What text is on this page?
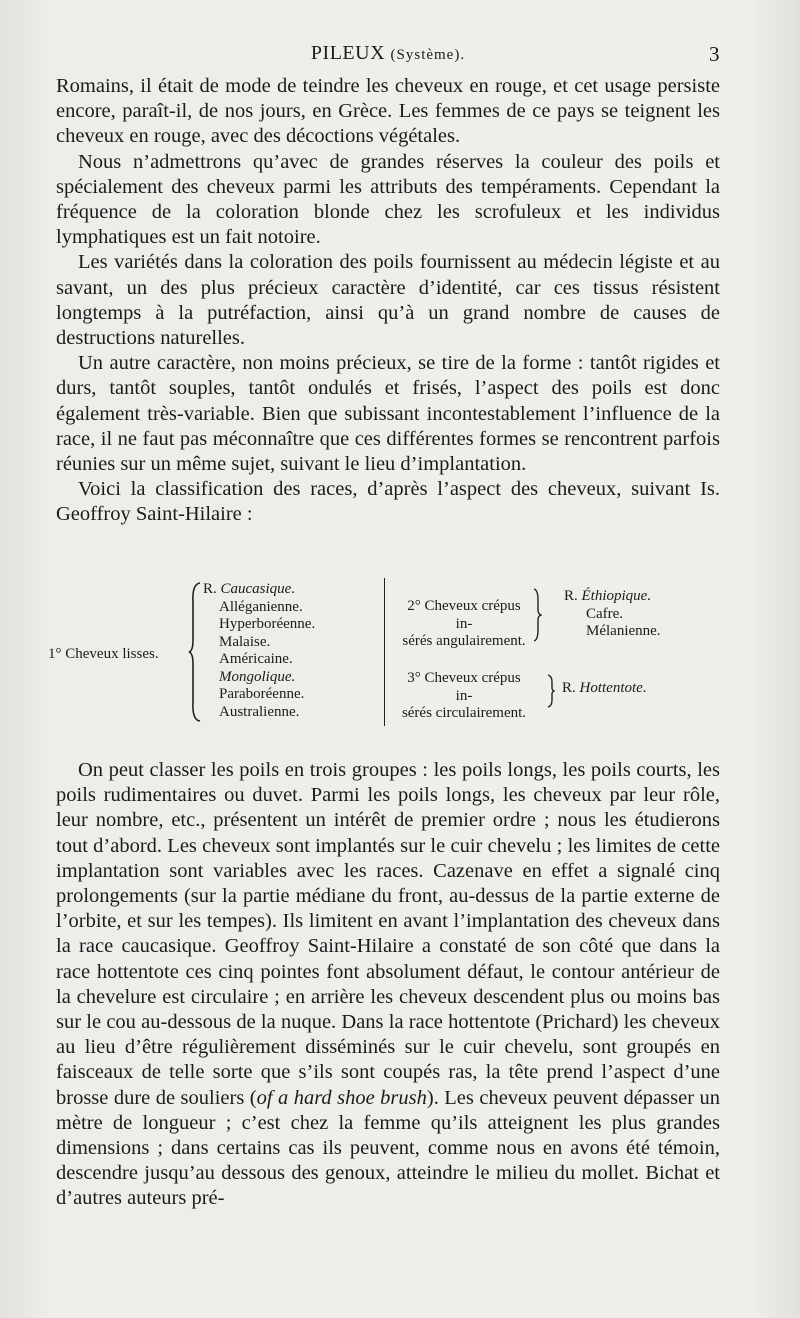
PILEUX (Système).	3

Romains, il était de mode de teindre les cheveux en rouge, et cet usage persiste encore, paraît-il, de nos jours, en Grèce. Les femmes de ce pays se teignent les cheveux en rouge, avec des décoctions végétales.

Nous n’admettrons qu’avec de grandes réserves la couleur des poils et spécialement des cheveux parmi les attributs des tempéraments. Cependant la fréquence de la coloration blonde chez les scrofuleux et les individus lymphatiques est un fait notoire.

Les variétés dans la coloration des poils fournissent au médecin légiste et au savant, un des plus précieux caractère d’identité, car ces tissus résistent longtemps à la putréfaction, ainsi qu’à un grand nombre de causes de destructions naturelles.

Un autre caractère, non moins précieux, se tire de la forme : tantôt rigides et durs, tantôt souples, tantôt ondulés et frisés, l’aspect des poils est donc également très-variable. Bien que subissant incontestablement l’influence de la race, il ne faut pas méconnaître que ces différentes formes se rencontrent parfois réunies sur un même sujet, suivant le lieu d’implantation.

Voici la classification des races, d’après l’aspect des cheveux, suivant Is. Geoffroy Saint-Hilaire :

1° Cheveux lisses.
R. Caucasique.
Alléganienne.
Hyperboréenne.
Malaise.
Américaine.
Mongolique.
Paraboréenne.
Australienne.
2° Cheveux crépus in-
sérés angulairement.
R. Éthiopique.
Cafre.
Mélanienne.
3° Cheveux crépus in-
sérés circulairement.
R. Hottentote.

On peut classer les poils en trois groupes : les poils longs, les poils courts, les poils rudimentaires ou duvet. Parmi les poils longs, les cheveux par leur rôle, leur nombre, etc., présentent un intérêt de premier ordre ; nous les étudierons tout d’abord. Les cheveux sont implantés sur le cuir chevelu ; les limites de cette implantation sont variables avec les races. Cazenave en effet a signalé cinq prolongements (sur la partie médiane du front, au-dessus de la partie externe de l’orbite, et sur les tempes). Ils limitent en avant l’implantation des cheveux dans la race caucasique. Geoffroy Saint-Hilaire a constaté de son côté que dans la race hottentote ces cinq pointes font absolument défaut, le contour antérieur de la chevelure est circulaire ; en arrière les cheveux descendent plus ou moins bas sur le cou au-dessous de la nuque. Dans la race hottentote (Prichard) les cheveux au lieu d’être régulièrement disséminés sur le cuir chevelu, sont groupés en faisceaux de telle sorte que s’ils sont coupés ras, la tête prend l’aspect d’une brosse dure de souliers (of a hard shoe brush). Les cheveux peuvent dépasser un mètre de longueur ; c’est chez la femme qu’ils atteignent les plus grandes dimensions ; dans certains cas ils peuvent, comme nous en avons été témoin, descendre jusqu’au dessous des genoux, atteindre le milieu du mollet. Bichat et d’autres auteurs pré-
